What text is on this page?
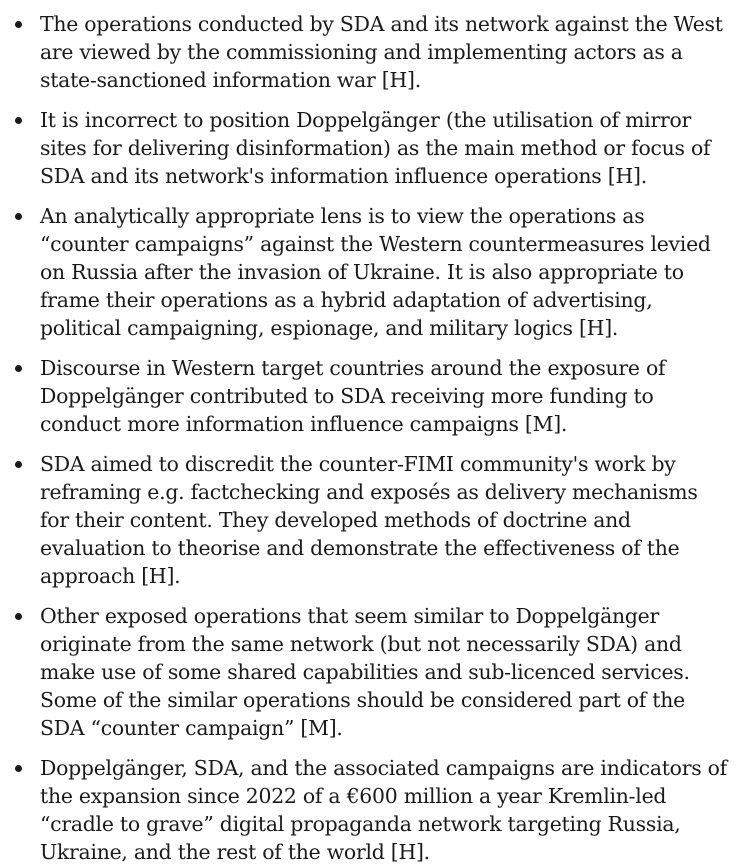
The operations conducted by SDA and its network against the West are viewed by the commissioning and implementing actors as a state-sanctioned information war [H].
It is incorrect to position Doppelgänger (the utilisation of mirror sites for delivering disinformation) as the main method or focus of SDA and its network's information influence operations [H].
An analytically appropriate lens is to view the operations as “counter campaigns” against the Western countermeasures levied on Russia after the invasion of Ukraine. It is also appropriate to frame their operations as a hybrid adaptation of advertising, political campaigning, espionage, and military logics [H].
Discourse in Western target countries around the exposure of Doppelgänger contributed to SDA receiving more funding to conduct more information influence campaigns [M].
SDA aimed to discredit the counter-FIMI community's work by reframing e.g. factchecking and exposés as delivery mechanisms for their content. They developed methods of doctrine and evaluation to theorise and demonstrate the effectiveness of the approach [H].
Other exposed operations that seem similar to Doppelgänger originate from the same network (but not necessarily SDA) and make use of some shared capabilities and sub-licenced services. Some of the similar operations should be considered part of the SDA “counter campaign” [M].
Doppelgänger, SDA, and the associated campaigns are indicators of the expansion since 2022 of a €600 million a year Kremlin-led “cradle to grave” digital propaganda network targeting Russia, Ukraine, and the rest of the world [H].
